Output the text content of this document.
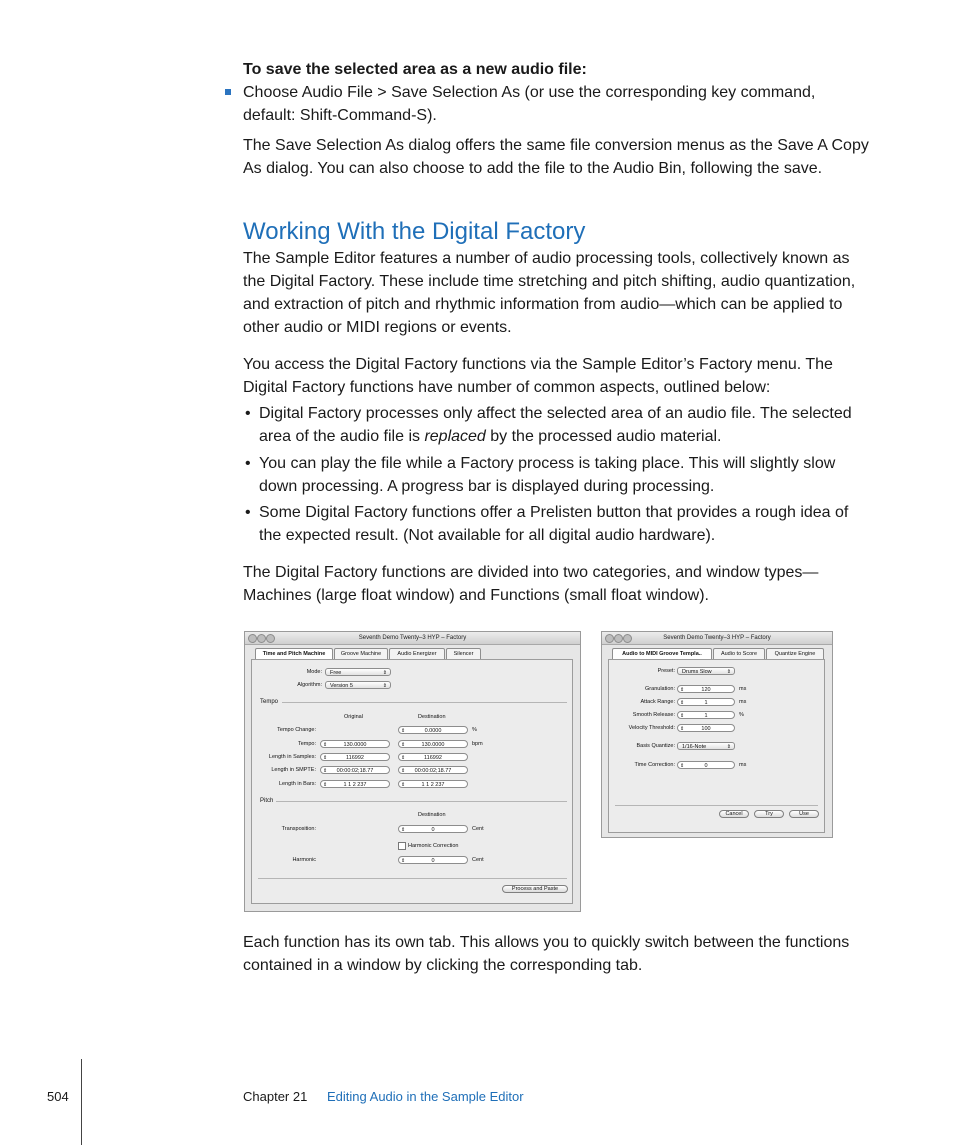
To save the selected area as a new audio file:
Choose Audio File > Save Selection As (or use the corresponding key command,
default: Shift-Command-S).
The Save Selection As dialog offers the same file conversion menus as the Save A Copy
As dialog. You can also choose to add the file to the Audio Bin, following the save.
Working With the Digital Factory
The Sample Editor features a number of audio processing tools, collectively known as
the Digital Factory. These include time stretching and pitch shifting, audio quantization,
and extraction of pitch and rhythmic information from audio—which can be applied to
other audio or MIDI regions or events.
You access the Digital Factory functions via the Sample Editor’s Factory menu. The
Digital Factory functions have number of common aspects, outlined below:
• Digital Factory processes only affect the selected area of an audio file. The selected
area of the audio file is replaced by the processed audio material.
• You can play the file while a Factory process is taking place. This will slightly slow
down processing. A progress bar is displayed during processing.
• Some Digital Factory functions offer a Prelisten button that provides a rough idea of
the expected result. (Not available for all digital audio hardware).
The Digital Factory functions are divided into two categories, and window types—
Machines (large float window) and Functions (small float window).
Seventh Demo Twenty–3 HYP – Factory
Time and Pitch Machine	Groove Machine	Audio Energizer	Silencer
Mode:	Free	⇕
Algorithm:	Version 5	⇕
Tempo
Original	Destination
Tempo Change:	⇕	0.0000	%
Tempo: ⇕	130.0000	⇕	130.0000	bpm
Length in Samples: ⇕	116992	⇕	116992
Length in SMPTE: ⇕ 00:00:02;18.77	⇕ 00:00:02;18.77
Length in Bars: ⇕	1 1 2 237	⇕	1 1 2 237
Pitch
Destination
Transposition:	⇕	0	Cent
Harmonic Correction
Harmonic	⇕	0	Cent
Process and Paste
Seventh Demo Twenty–3 HYP – Factory
Audio to MIDI Groove Templa..	Audio to Score	Quantize Engine
Preset:	Drums Slow	⇕
Granulation: ⇕	120	ms
Attack Range: ⇕	1	ms
Smooth Release: ⇕	1	%
Velocity Threshold: ⇕	100
Basis Quantize:	1/16-Note	⇕
Time Correction: ⇕	0	ms
Cancel	Try	Use
Each function has its own tab. This allows you to quickly switch between the functions
contained in a window by clicking the corresponding tab.
504	Chapter 21 Editing Audio in the Sample Editor
